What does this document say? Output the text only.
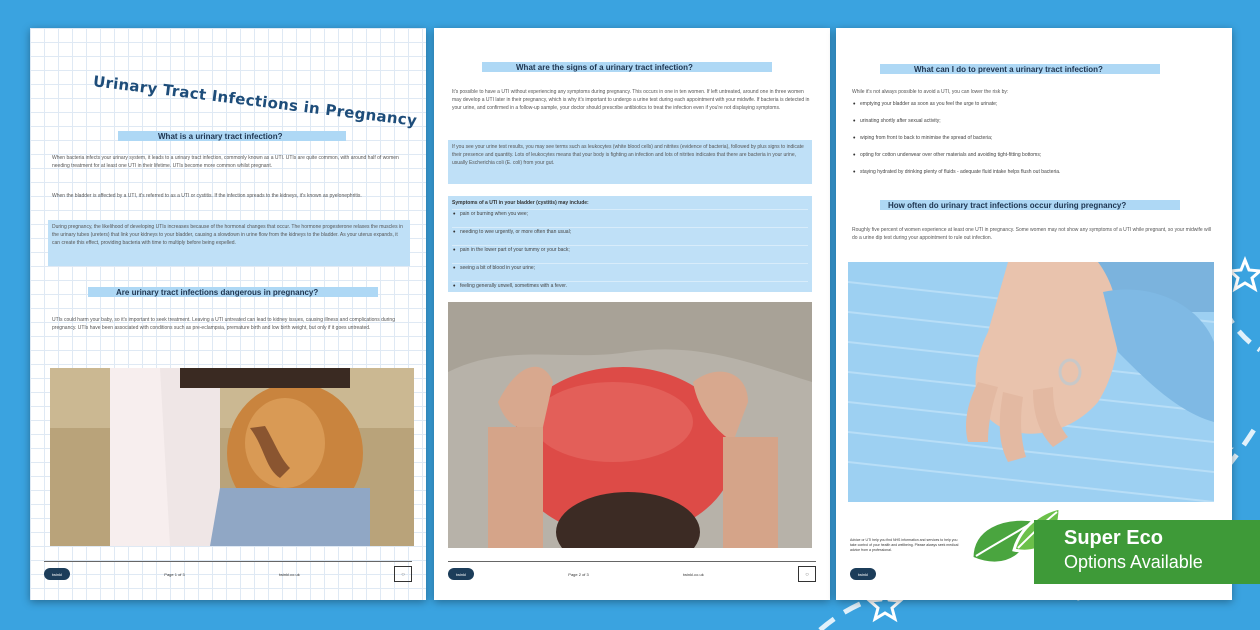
Urinary Tract Infections in Pregnancy
What is a urinary tract infection?
When bacteria infects your urinary system, it leads to a urinary tract infection, commonly known as a UTI. UTIs are quite common, with around half of women needing treatment for at least one UTI in their lifetime. UTIs become more common whilst pregnant.
When the bladder is affected by a UTI, it's referred to as a UTI or cystitis. If the infection spreads to the kidneys, it's known as pyelonephritis.
During pregnancy, the likelihood of developing UTIs increases because of the hormonal changes that occur. The hormone progesterone relaxes the muscles in the urinary tubes (ureters) that link your kidneys to your bladder, causing a slowdown in urine flow from the kidneys to the bladder. As your uterus expands, it can create this effect, providing bacteria with time to multiply before being expelled.
Are urinary tract infections dangerous in pregnancy?
UTIs could harm your baby, so it's important to seek treatment. Leaving a UTI untreated can lead to kidney issues, causing illness and complications during pregnancy. UTIs have been associated with conditions such as pre-eclampsia, premature birth and low birth weight, but only if it goes untreated.
twinkl	Page 1 of 3	twinkl.co.uk	▢
What are the signs of a urinary tract infection?
It's possible to have a UTI without experiencing any symptoms during pregnancy. This occurs in one in ten women. If left untreated, around one in three women may develop a UTI later in their pregnancy, which is why it's important to undergo a urine test during each appointment with your midwife. If bacteria is detected in your urine, and confirmed in a follow-up sample, your doctor should prescribe antibiotics to treat the infection even if you're not displaying symptoms.
If you see your urine test results, you may see terms such as leukocytes (white blood cells) and nitrites (evidence of bacteria), followed by plus signs to indicate their presence and quantity. Lots of leukocytes means that your body is fighting an infection and lots of nitrites indicates that there are bacteria in your urine, usually Escherichia coli (E. coli) from your gut.
Symptoms of a UTI in your bladder (cystitis) may include:
• pain or burning when you wee;
• needing to wee urgently, or more often than usual;
• pain in the lower part of your tummy or your back;
• seeing a bit of blood in your urine;
• feeling generally unwell, sometimes with a fever.
twinkl	Page 2 of 3	twinkl.co.uk	▢
What can I do to prevent a urinary tract infection?
While it's not always possible to avoid a UTI, you can lower the risk by:
• emptying your bladder as soon as you feel the urge to urinate;
• urinating shortly after sexual activity;
• wiping from front to back to minimise the spread of bacteria;
• opting for cotton underwear over other materials and avoiding tight-fitting bottoms;
• staying hydrated by drinking plenty of fluids - adequate fluid intake helps flush out bacteria.
How often do urinary tract infections occur during pregnancy?
Roughly five percent of women experience at least one UTI in pregnancy. Some women may not show any symptoms of a UTI while pregnant, so your midwife will do a urine dip test during your appointment to rule out infection.
Advice or UTI help you find NHS information and services to help you take control of your health and wellbeing. Please always seek medical advice from a professional.
twinkl
Super Eco
Options Available
